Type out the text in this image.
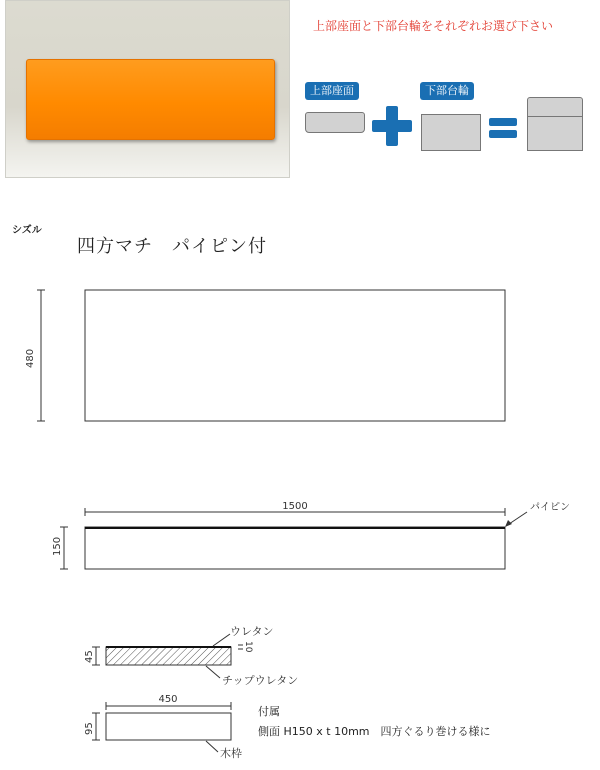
上部座面と下部台輪をそれぞれお選び下さい
上部座面	下部台輪
シズル
四方マチ　パイピン付
480
1500
150
パイピン
45
10
ウレタン
チップウレタン
450
95
木枠
付属
側面 H150 x t 10mm　四方ぐるり巻ける様に
